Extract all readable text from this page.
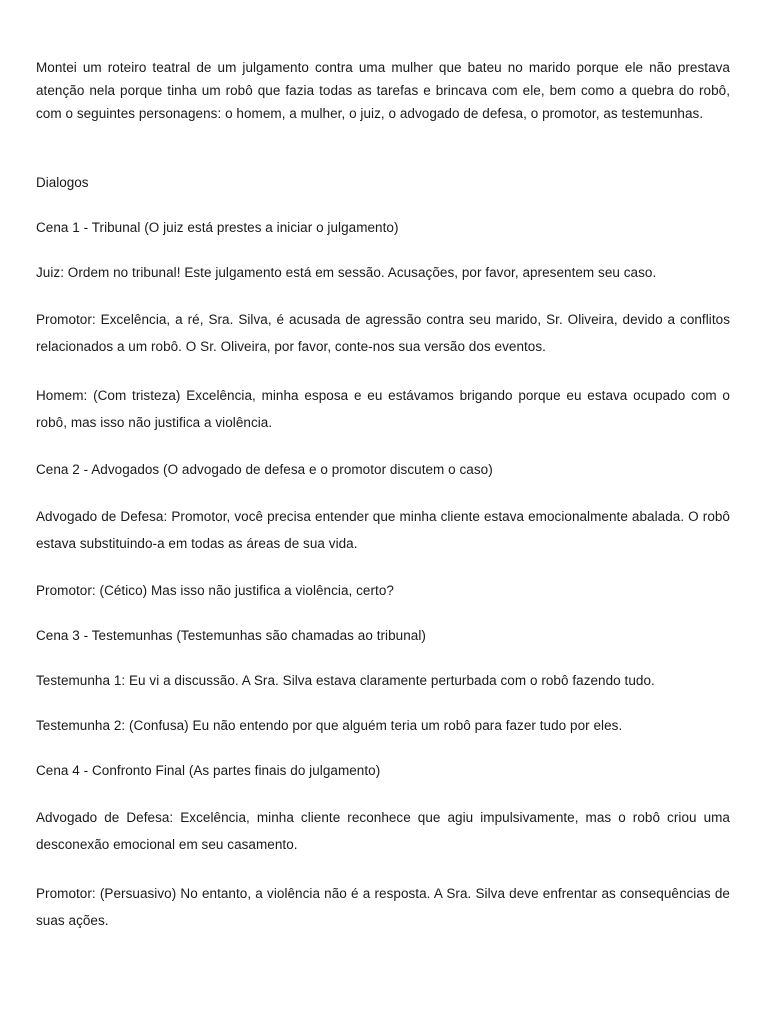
Montei um roteiro teatral de um julgamento contra uma mulher que bateu no marido porque ele não prestava atenção nela porque tinha um robô que fazia todas as tarefas e brincava com ele, bem como a quebra do robô, com o seguintes personagens: o homem, a mulher, o juiz, o advogado de defesa, o promotor, as testemunhas.

Dialogos
Cena 1 - Tribunal (O juiz está prestes a iniciar o julgamento)
Juiz: Ordem no tribunal! Este julgamento está em sessão. Acusações, por favor, apresentem seu caso.
Promotor: Excelência, a ré, Sra. Silva, é acusada de agressão contra seu marido, Sr. Oliveira, devido a conflitos relacionados a um robô. O Sr. Oliveira, por favor, conte-nos sua versão dos eventos.
Homem: (Com tristeza) Excelência, minha esposa e eu estávamos brigando porque eu estava ocupado com o robô, mas isso não justifica a violência.
Cena 2 - Advogados (O advogado de defesa e o promotor discutem o caso)
Advogado de Defesa: Promotor, você precisa entender que minha cliente estava emocionalmente abalada. O robô estava substituindo-a em todas as áreas de sua vida.
Promotor: (Cético) Mas isso não justifica a violência, certo?
Cena 3 - Testemunhas (Testemunhas são chamadas ao tribunal)
Testemunha 1: Eu vi a discussão. A Sra. Silva estava claramente perturbada com o robô fazendo tudo.
Testemunha 2: (Confusa) Eu não entendo por que alguém teria um robô para fazer tudo por eles.
Cena 4 - Confronto Final (As partes finais do julgamento)
Advogado de Defesa: Excelência, minha cliente reconhece que agiu impulsivamente, mas o robô criou uma desconexão emocional em seu casamento.
Promotor: (Persuasivo) No entanto, a violência não é a resposta. A Sra. Silva deve enfrentar as consequências de suas ações.
